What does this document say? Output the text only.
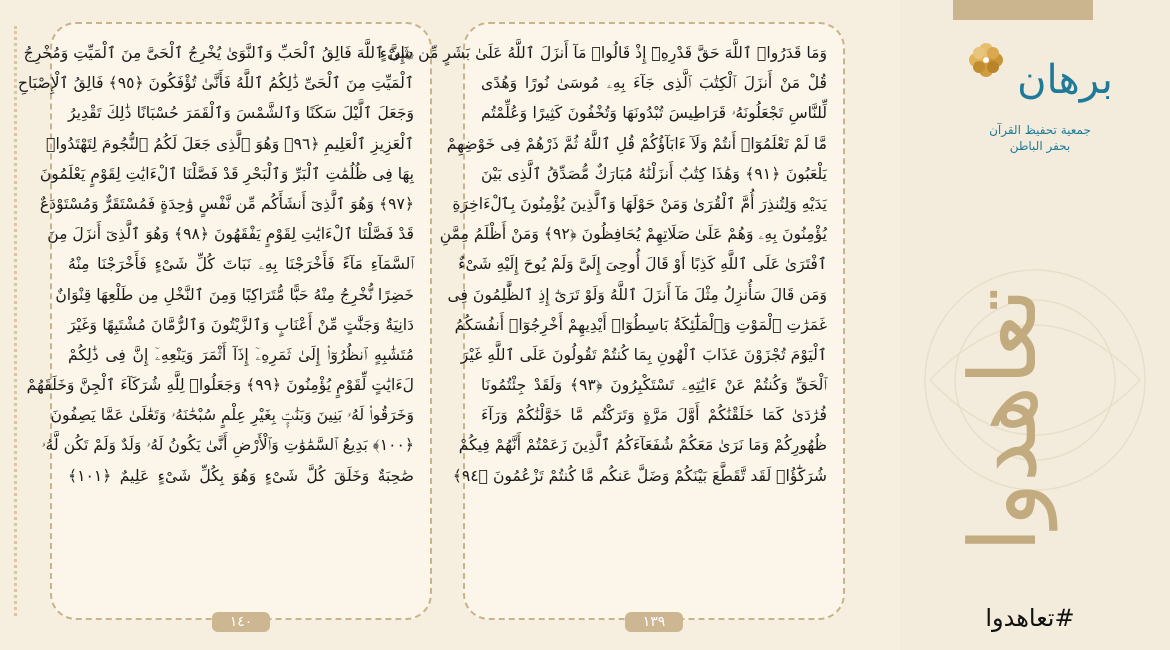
۞إِنَّ ٱللَّهَ فَالِقُ ٱلْحَبِّ وَٱلنَّوَىٰ يُخْرِجُ ٱلْحَىَّ مِنَ ٱلْمَيِّتِ وَمُخْرِجُ
ٱلْمَيِّتِ مِنَ ٱلْحَىِّ ذَٰلِكُمُ ٱللَّهُ فَأَنَّىٰ تُؤْفَكُونَ ﴿٩٥﴾ فَالِقُ ٱلْإِصْبَاحِ
وَجَعَلَ ٱلَّيْلَ سَكَنًا وَٱلشَّمْسَ وَٱلْقَمَرَ حُسْبَانًا ذَٰلِكَ تَقْدِيرُ
ٱلْعَزِيزِ ٱلْعَلِيمِ ﴿٩٦﴾ وَهُوَ ٱلَّذِى جَعَلَ لَكُمُ ٱلنُّجُومَ لِتَهْتَدُوا۟
بِهَا فِى ظُلُمَٰتِ ٱلْبَرِّ وَٱلْبَحْرِ قَدْ فَصَّلْنَا ٱلْءَايَٰتِ لِقَوْمٍ يَعْلَمُونَ
﴿٩٧﴾ وَهُوَ ٱلَّذِىٓ أَنشَأَكُم مِّن نَّفْسٍ وَٰحِدَةٍ فَمُسْتَقَرٌّ وَمُسْتَوْدَعٌ
قَدْ فَصَّلْنَا ٱلْءَايَٰتِ لِقَوْمٍ يَفْقَهُونَ ﴿٩٨﴾ وَهُوَ ٱلَّذِىٓ أَنزَلَ مِنَ
ٱلسَّمَآءِ مَآءً فَأَخْرَجْنَا بِهِۦ نَبَاتَ كُلِّ شَىْءٍ فَأَخْرَجْنَا مِنْهُ
خَضِرًا نُّخْرِجُ مِنْهُ حَبًّا مُّتَرَاكِبًا وَمِنَ ٱلنَّخْلِ مِن طَلْعِهَا قِنْوَانٌ
دَانِيَةٌ وَجَنَّٰتٍ مِّنْ أَعْنَابٍ وَٱلزَّيْتُونَ وَٱلرُّمَّانَ مُشْتَبِهًا وَغَيْرَ
مُتَشَٰبِهٍ ٱنظُرُوٓا۟ إِلَىٰ ثَمَرِهِۦٓ إِذَآ أَثْمَرَ وَيَنْعِهِۦٓ إِنَّ فِى ذَٰلِكُمْ
لَءَايَٰتٍ لِّقَوْمٍ يُؤْمِنُونَ ﴿٩٩﴾ وَجَعَلُوا۟ لِلَّهِ شُرَكَآءَ ٱلْجِنَّ وَخَلَقَهُمْ
وَخَرَقُوا۟ لَهُۥ بَنِينَ وَبَنَٰتٍۭ بِغَيْرِ عِلْمٍ سُبْحَٰنَهُۥ وَتَعَٰلَىٰ عَمَّا يَصِفُونَ
﴿١٠٠﴾ بَدِيعُ ٱلسَّمَٰوَٰتِ وَٱلْأَرْضِ أَنَّىٰ يَكُونُ لَهُۥ وَلَدٌ وَلَمْ تَكُن لَّهُۥ
صَٰحِبَةٌ وَخَلَقَ كُلَّ شَىْءٍ وَهُوَ بِكُلِّ شَىْءٍ عَلِيمٌ ﴿١٠١﴾
١٤٠
وَمَا قَدَرُوا۟ ٱللَّهَ حَقَّ قَدْرِهِۦٓ إِذْ قَالُوا۟ مَآ أَنزَلَ ٱللَّهُ عَلَىٰ بَشَرٍ مِّن شَىْءٍ
قُلْ مَنْ أَنزَلَ ٱلْكِتَٰبَ ٱلَّذِى جَآءَ بِهِۦ مُوسَىٰ نُورًا وَهُدًى
لِّلنَّاسِ تَجْعَلُونَهُۥ قَرَاطِيسَ تُبْدُونَهَا وَتُخْفُونَ كَثِيرًا وَعُلِّمْتُم
مَّا لَمْ تَعْلَمُوٓا۟ أَنتُمْ وَلَآ ءَابَآؤُكُمْ قُلِ ٱللَّهُ ثُمَّ ذَرْهُمْ فِى خَوْضِهِمْ
يَلْعَبُونَ ﴿٩١﴾ وَهَٰذَا كِتَٰبٌ أَنزَلْنَٰهُ مُبَارَكٌ مُّصَدِّقُ ٱلَّذِى بَيْنَ
يَدَيْهِ وَلِتُنذِرَ أُمَّ ٱلْقُرَىٰ وَمَنْ حَوْلَهَا وَٱلَّذِينَ يُؤْمِنُونَ بِٱلْءَاخِرَةِ
يُؤْمِنُونَ بِهِۦ وَهُمْ عَلَىٰ صَلَاتِهِمْ يُحَافِظُونَ ﴿٩٢﴾ وَمَنْ أَظْلَمُ مِمَّنِ
ٱفْتَرَىٰ عَلَى ٱللَّهِ كَذِبًا أَوْ قَالَ أُوحِىَ إِلَىَّ وَلَمْ يُوحَ إِلَيْهِ شَىْءٌ
وَمَن قَالَ سَأُنزِلُ مِثْلَ مَآ أَنزَلَ ٱللَّهُ وَلَوْ تَرَىٰٓ إِذِ ٱلظَّٰلِمُونَ فِى
غَمَرَٰتِ ٱلْمَوْتِ وَٱلْمَلَٰٓئِكَةُ بَاسِطُوٓا۟ أَيْدِيهِمْ أَخْرِجُوٓا۟ أَنفُسَكُمُ
ٱلْيَوْمَ تُجْزَوْنَ عَذَابَ ٱلْهُونِ بِمَا كُنتُمْ تَقُولُونَ عَلَى ٱللَّهِ غَيْرَ
ٱلْحَقِّ وَكُنتُمْ عَنْ ءَايَٰتِهِۦ تَسْتَكْبِرُونَ ﴿٩٣﴾ وَلَقَدْ جِئْتُمُونَا
فُرَٰدَىٰ كَمَا خَلَقْنَٰكُمْ أَوَّلَ مَرَّةٍ وَتَرَكْتُم مَّا خَوَّلْنَٰكُمْ وَرَآءَ
ظُهُورِكُمْ وَمَا نَرَىٰ مَعَكُمْ شُفَعَآءَكُمُ ٱلَّذِينَ زَعَمْتُمْ أَنَّهُمْ فِيكُمْ
شُرَكَٰٓؤُا۟ لَقَد تَّقَطَّعَ بَيْنَكُمْ وَضَلَّ عَنكُم مَّا كُنتُمْ تَزْعُمُونَ ﴿٩٤﴾
١٣٩
برهان
جمعية تحفيظ القرآن
بحفر الباطن
تعاهدوا
#تعاهدوا
